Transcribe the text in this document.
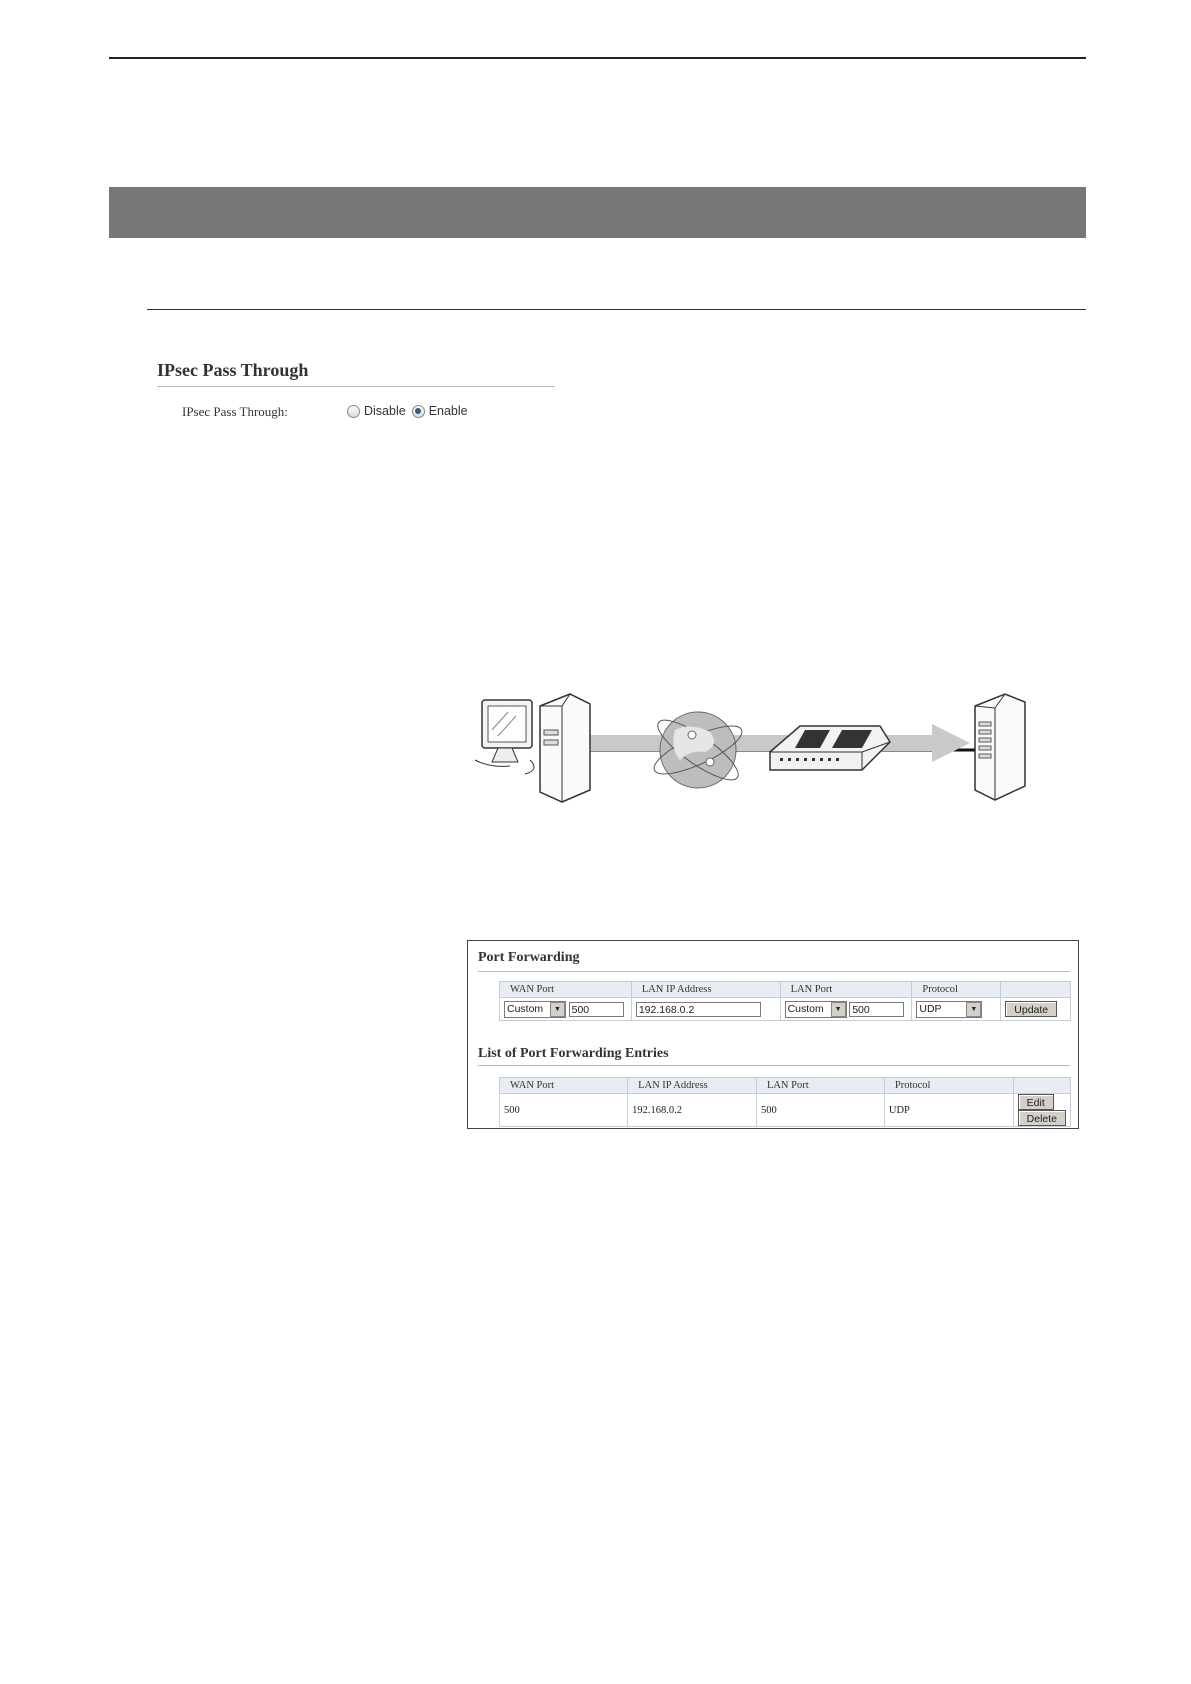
IPsec Pass Through
IPsec Pass Through:	Disable Enable
Port Forwarding
WAN Port	LAN IP Address	LAN Port	Protocol	

Custom ▼ 500	192.168.0.2	Custom ▼ 500	UDP ▼	Update
List of Port Forwarding Entries
WAN Port	LAN IP Address	LAN Port	Protocol	
500	192.168.0.2	500	UDP	Edit Delete
